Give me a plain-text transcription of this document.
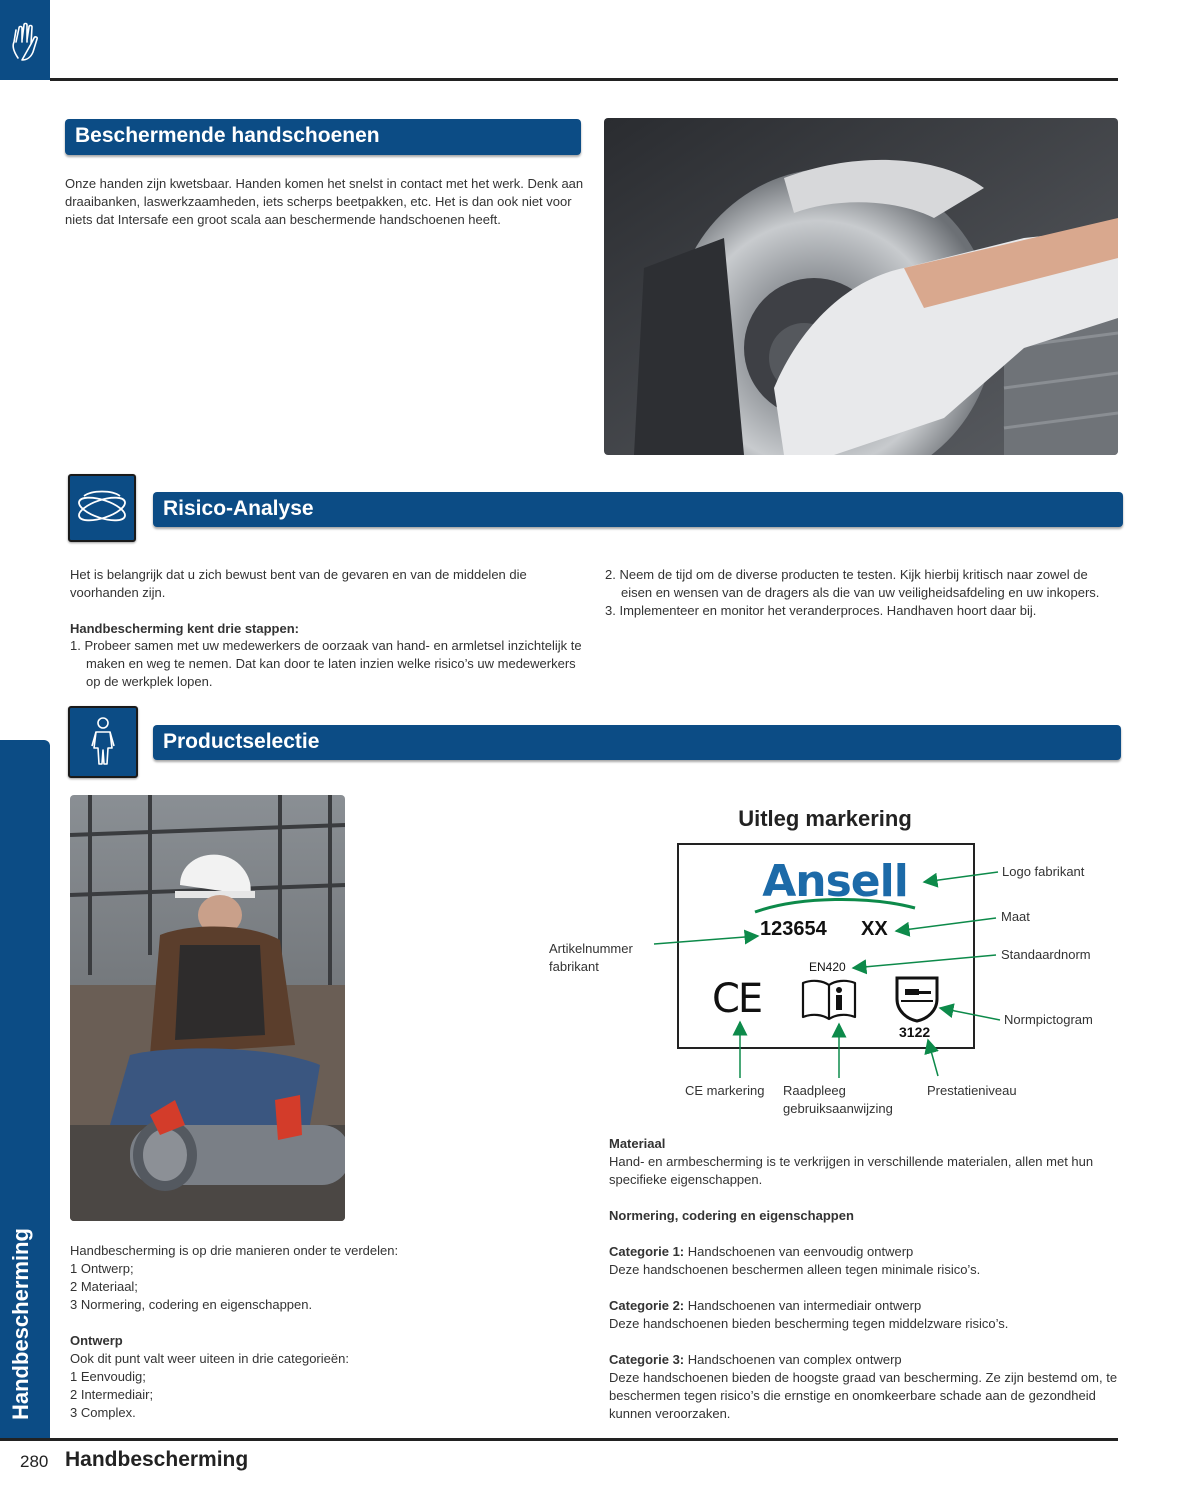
Beschermende handschoenen
Onze handen zijn kwetsbaar. Handen komen het snelst in contact met het werk. Denk aan draaibanken, laswerkzaamheden, iets scherps beetpakken, etc. Het is dan ook niet voor niets dat Intersafe een groot scala aan beschermende handschoenen heeft.
Risico-Analyse
Het is belangrijk dat u zich bewust bent van de gevaren en van de middelen die voorhanden zijn.
Handbescherming kent drie stappen:
1. Probeer samen met uw medewerkers de oorzaak van hand- en armletsel inzichtelijk te maken en weg te nemen. Dat kan door te laten inzien welke risico’s uw medewerkers op de werkplek lopen.
2. Neem de tijd om de diverse producten te testen. Kijk hierbij kritisch naar zowel de eisen en wensen van de dragers als die van uw veiligheidsafdeling en uw inkopers.
3. Implementeer en monitor het veranderproces. Handhaven hoort daar bij.
Handbescherming
Productselectie
Handbescherming is op drie manieren onder te verdelen:
1 Ontwerp;
2 Materiaal;
3 Normering, codering en eigenschappen.
Ontwerp
Ook dit punt valt weer uiteen in drie categorieën:
1 Eenvoudig;
2 Intermediair;
3 Complex.
Uitleg markering
Ansell
123654 XX
EN420
CE
3122
Logo fabrikant
Maat
Artikelnummer fabrikant
Standaardnorm
Normpictogram
CE markering Raadpleeg gebruiksaanwijzing
Prestatieniveau
Materiaal
Hand- en armbescherming is te verkrijgen in verschillende materialen, allen met hun specifieke eigenschappen.
Normering, codering en eigenschappen
Categorie 1: Handschoenen van eenvoudig ontwerp
Deze handschoenen beschermen alleen tegen minimale risico’s.
Categorie 2: Handschoenen van intermediair ontwerp
Deze handschoenen bieden bescherming tegen middelzware risico’s.
Categorie 3: Handschoenen van complex ontwerp
Deze handschoenen bieden de hoogste graad van bescherming. Ze zijn bestemd om, te beschermen tegen risico’s die ernstige en onomkeerbare schade aan de gezondheid kunnen veroorzaken.
280 Handbescherming
